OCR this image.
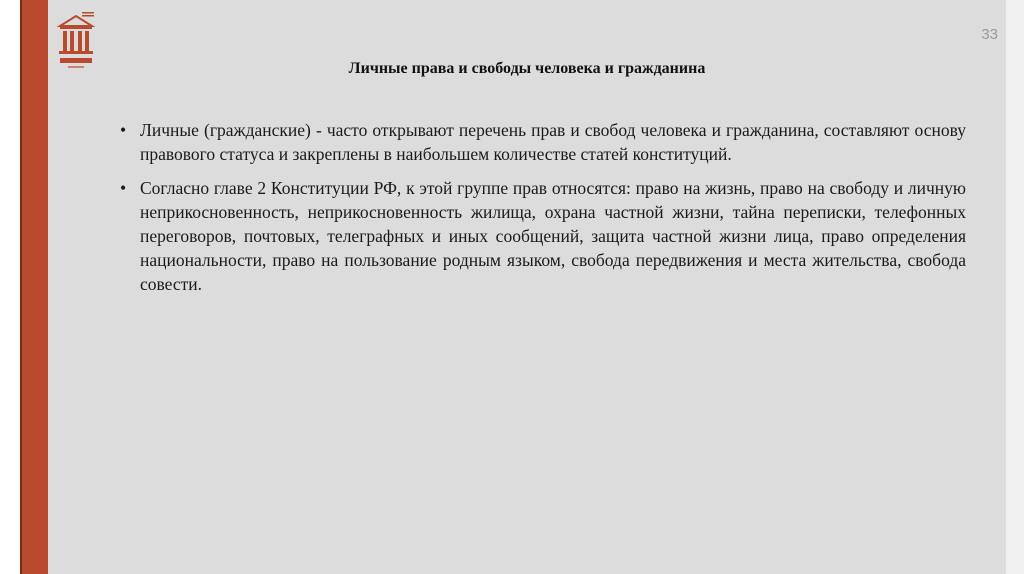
33
Личные права и свободы человека и гражданина
• Личные (гражданские) - часто открывают перечень прав и свобод человека и гражданина, составляют основу правового статуса и закреплены в наибольшем количестве статей конституций.
• Согласно главе 2 Конституции РФ, к этой группе прав относятся: право на жизнь, право на свободу и личную неприкосновенность, неприкосновенность жилища, охрана частной жизни, тайна переписки, телефонных переговоров, почтовых, телеграфных и иных сообщений, защита частной жизни лица, право определения национальности, право на пользование родным языком, свобода передвижения и места жительства, свобода совести.
